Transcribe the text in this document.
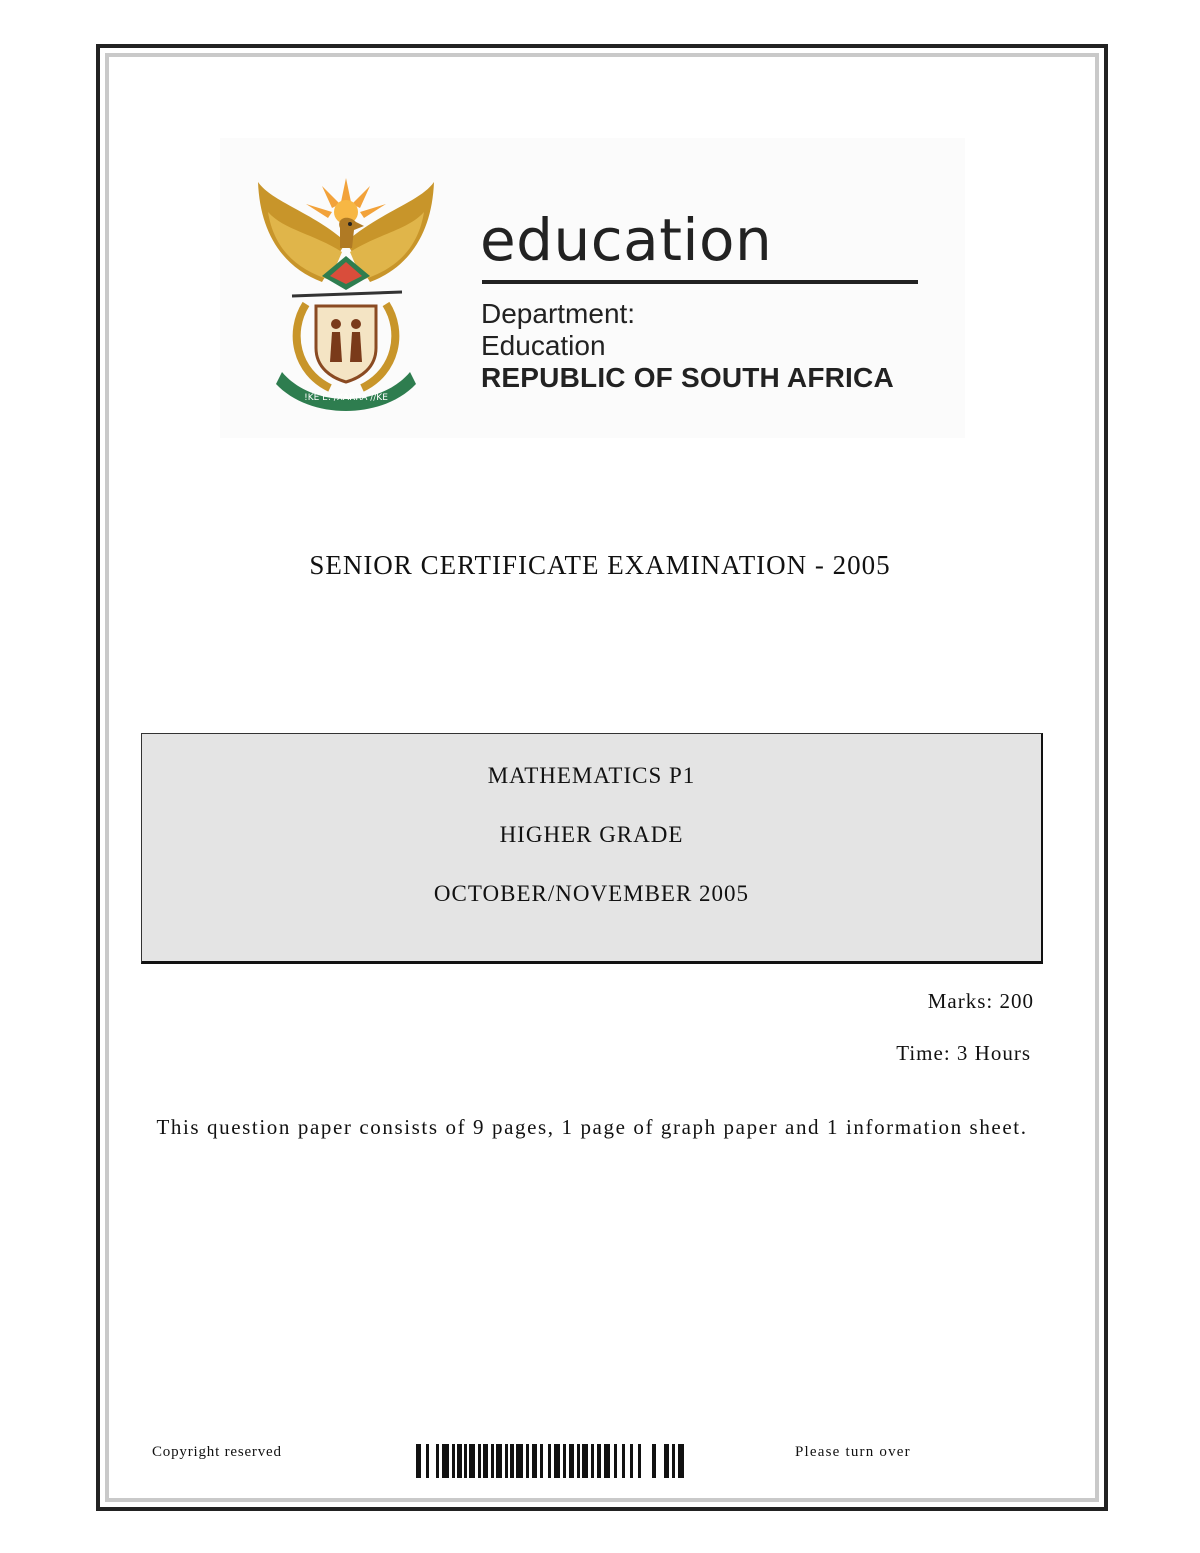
!KE E: /XARRA //KE
education
Department:
Education
REPUBLIC OF SOUTH AFRICA
SENIOR CERTIFICATE EXAMINATION - 2005
MATHEMATICS P1
HIGHER GRADE
OCTOBER/NOVEMBER 2005
Marks: 200
Time: 3 Hours

This question paper consists of 9 pages, 1 page of graph paper and 1 information sheet.

Copyright reserved	Please turn over
